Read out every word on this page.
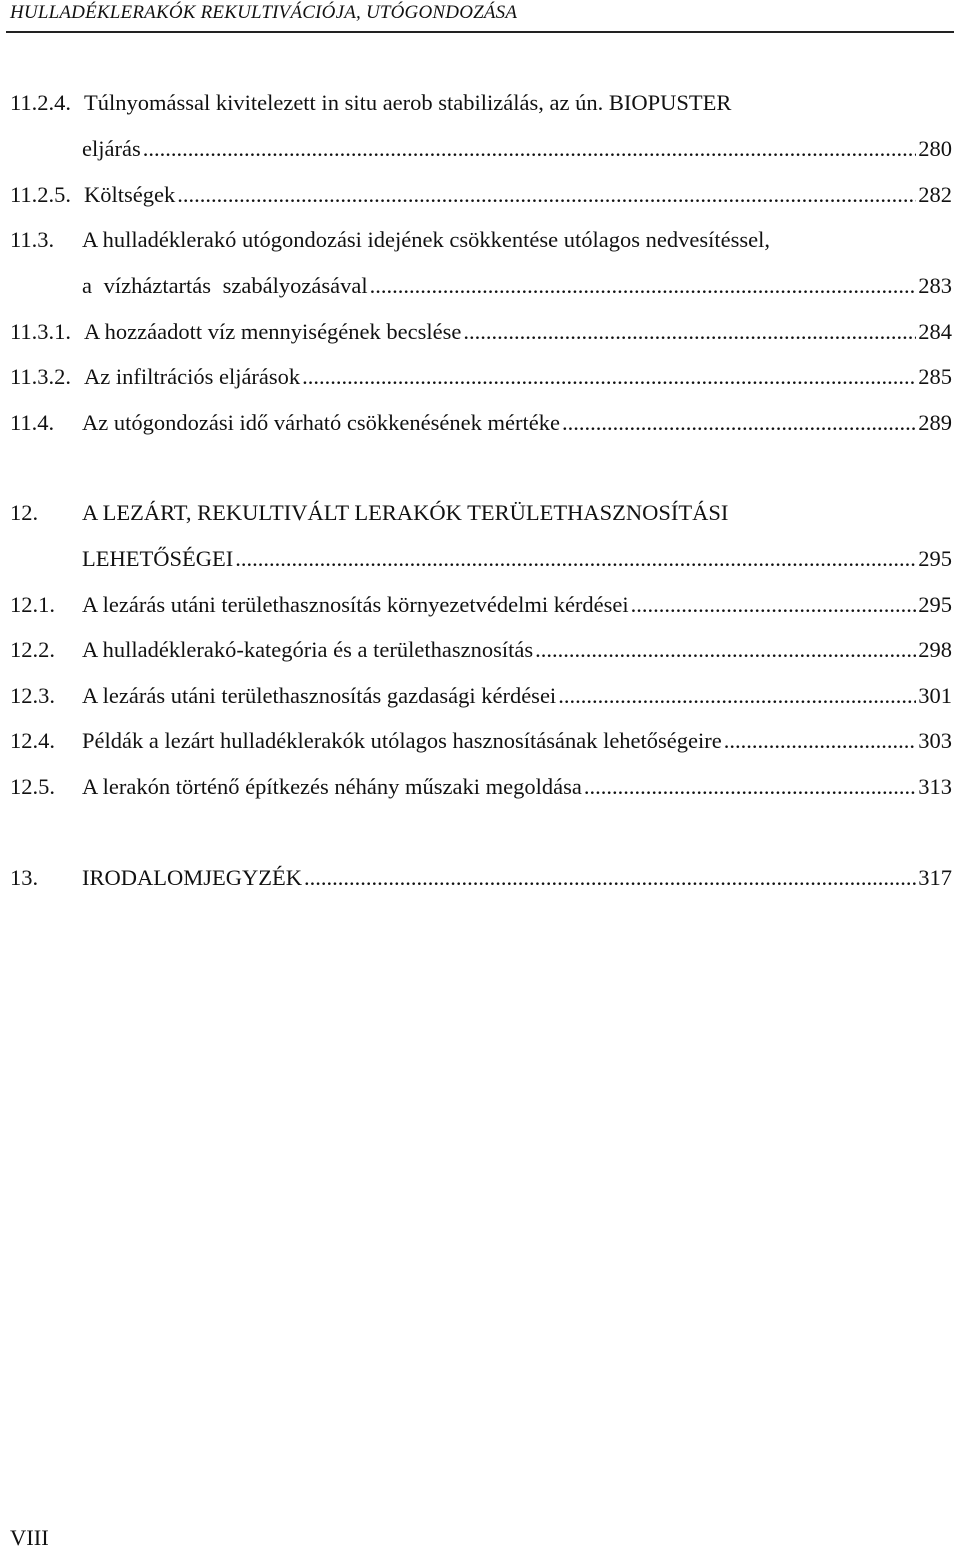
HULLADÉKLERAKÓK REKULTIVÁCIÓJA, UTÓGONDOZÁSA
11.2.4. Túlnyomással kivitelezett in situ aerob stabilizálás, az ún. BIOPUSTER
eljárás .....	280
11.2.5. Költségek .....	282
11.3. A hulladéklerakó utógondozási idejének csökkentése utólagos nedvesítéssel,
a vízháztartás szabályozásával .....	283
11.3.1. A hozzáadott víz mennyiségének becslése .....	284
11.3.2. Az infiltrációs eljárások .....	285
11.4. Az utógondozási idő várható csökkenésének mértéke .....	289
12. A LEZÁRT, REKULTIVÁLT LERAKÓK TERÜLETHASZNOSÍTÁSI
LEHETŐSÉGEI .....	295
12.1. A lezárás utáni területhasznosítás környezetvédelmi kérdései .....	295
12.2. A hulladéklerakó-kategória és a területhasznosítás .....	298
12.3. A lezárás utáni területhasznosítás gazdasági kérdései .....	301
12.4. Példák a lezárt hulladéklerakók utólagos hasznosításának lehetőségeire .....	303
12.5. A lerakón történő építkezés néhány műszaki megoldása .....	313
13. IRODALOMJEGYZÉK .....	317
VIII
